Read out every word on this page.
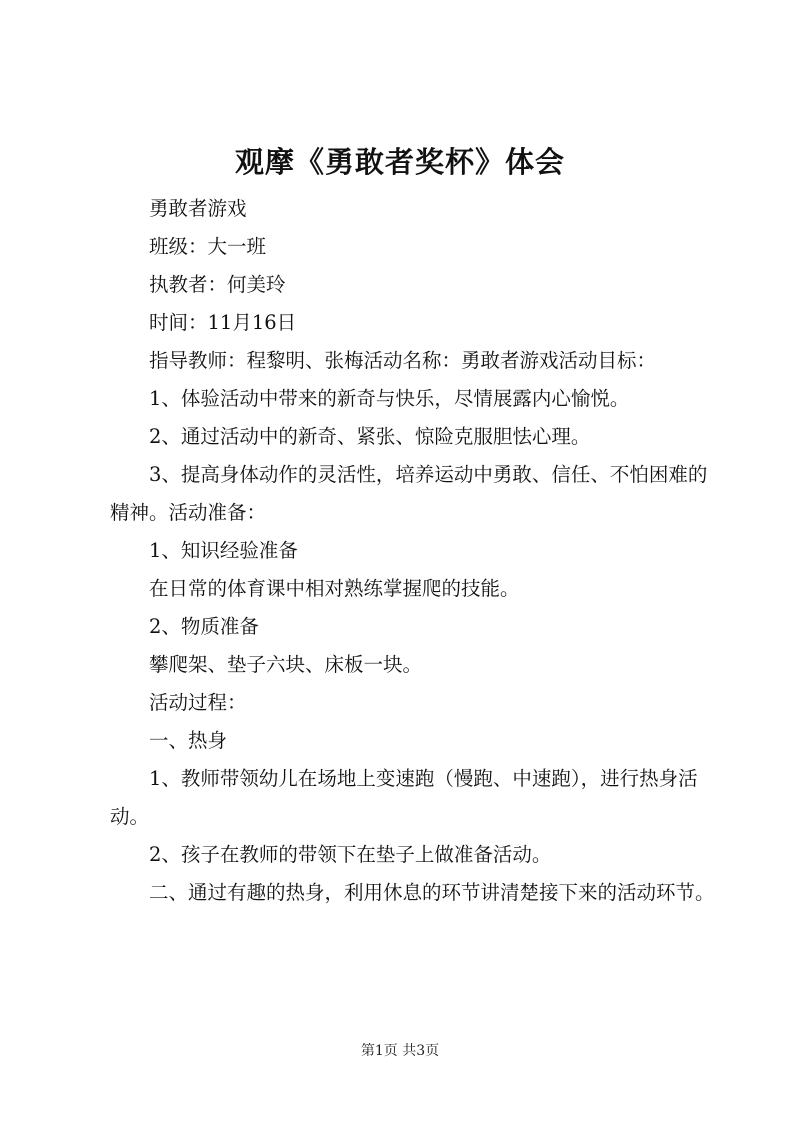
观摩《勇敢者奖杯》体会

勇敢者游戏

班级：大一班

执教者：何美玲

时间：11月16日

指导教师：程黎明、张梅活动名称：勇敢者游戏活动目标：

1、体验活动中带来的新奇与快乐，尽情展露内心愉悦。

2、通过活动中的新奇、紧张、惊险克服胆怯心理。

3、提高身体动作的灵活性，培养运动中勇敢、信任、不怕困难的精神。活动准备：

1、知识经验准备

在日常的体育课中相对熟练掌握爬的技能。

2、物质准备

攀爬架、垫子六块、床板一块。

活动过程：

一、热身

1、教师带领幼儿在场地上变速跑（慢跑、中速跑），进行热身活动。

2、孩子在教师的带领下在垫子上做准备活动。

二、通过有趣的热身，利用休息的环节讲清楚接下来的活动环节。

第1页 共3页
